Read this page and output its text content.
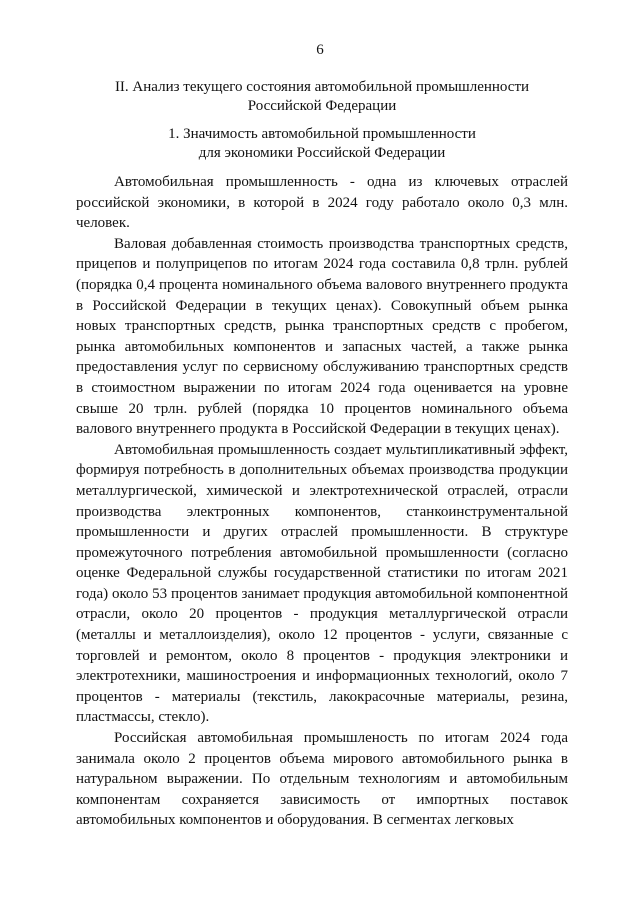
6
II. Анализ текущего состояния автомобильной промышленности
Российской Федерации
1. Значимость автомобильной промышленности
для экономики Российской Федерации

Автомобильная промышленность - одна из ключевых отраслей российской экономики, в которой в 2024 году работало около 0,3 млн. человек.

Валовая добавленная стоимость производства транспортных средств, прицепов и полуприцепов по итогам 2024 года составила 0,8 трлн. рублей (порядка 0,4 процента номинального объема валового внутреннего продукта в Российской Федерации в текущих ценах). Совокупный объем рынка новых транспортных средств, рынка транспортных средств с пробегом, рынка автомобильных компонентов и запасных частей, а также рынка предоставления услуг по сервисному обслуживанию транспортных средств в стоимостном выражении по итогам 2024 года оценивается на уровне свыше 20 трлн. рублей (порядка 10 процентов номинального объема валового внутреннего продукта в Российской Федерации в текущих ценах).

Автомобильная промышленность создает мультипликативный эффект, формируя потребность в дополнительных объемах производства продукции металлургической, химической и электротехнической отраслей, отрасли производства электронных компонентов, станкоинструментальной промышленности и других отраслей промышленности. В структуре промежуточного потребления автомобильной промышленности (согласно оценке Федеральной службы государственной статистики по итогам 2021 года) около 53 процентов занимает продукция автомобильной компонентной отрасли, около 20 процентов - продукция металлургической отрасли (металлы и металлоизделия), около 12 процентов - услуги, связанные с торговлей и ремонтом, около 8 процентов - продукция электроники и электротехники, машиностроения и информационных технологий, около 7 процентов - материалы (текстиль, лакокрасочные материалы, резина, пластмассы, стекло).

Российская автомобильная промышленость по итогам 2024 года занимала около 2 процентов объема мирового автомобильного рынка в натуральном выражении. По отдельным технологиям и автомобильным компонентам сохраняется зависимость от импортных поставок автомобильных компонентов и оборудования. В сегментах легковых
